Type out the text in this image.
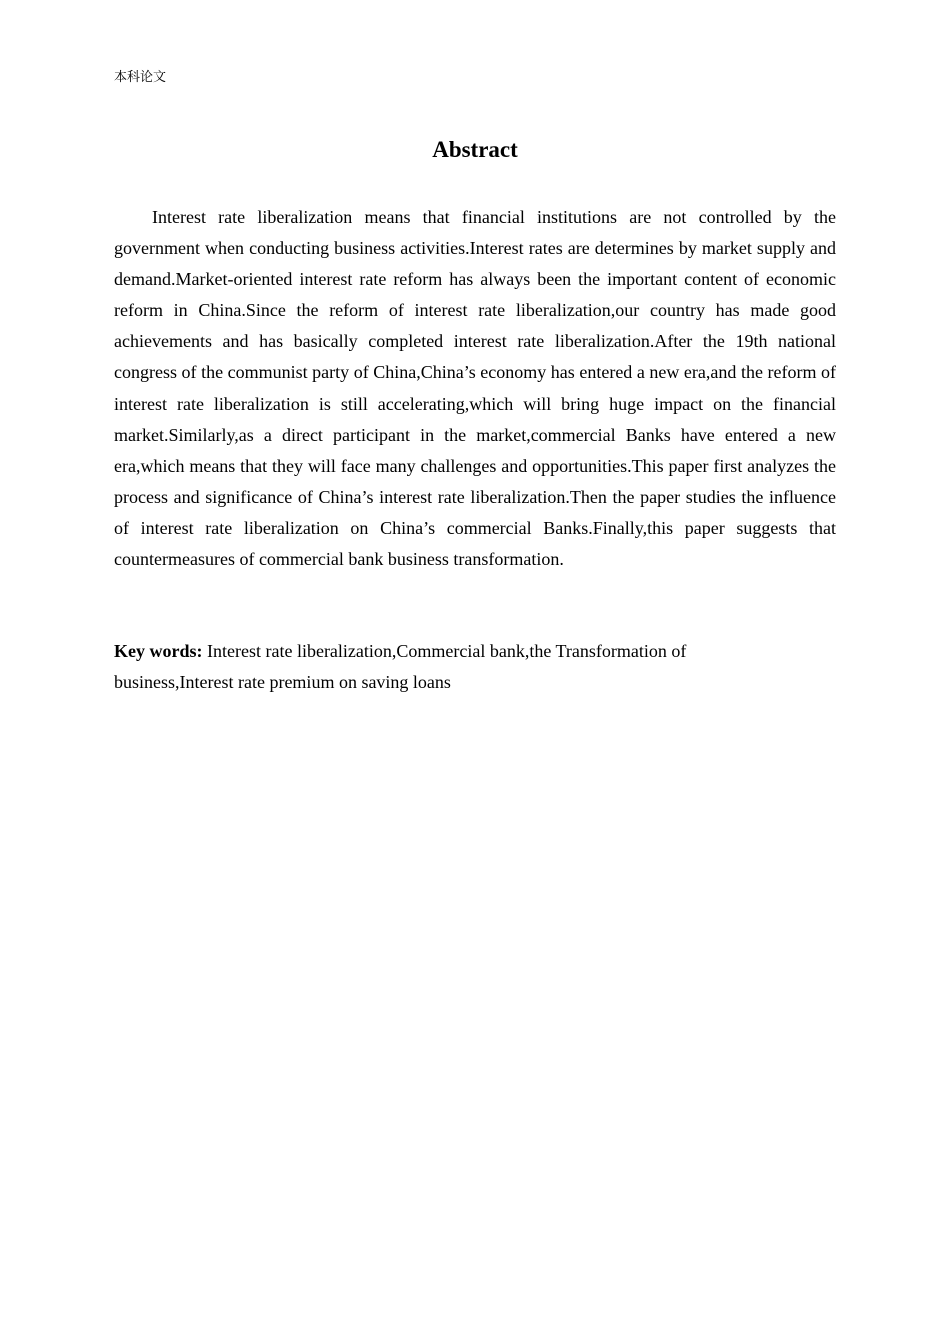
本科论文
Abstract

Interest rate liberalization means that financial institutions are not controlled by the government when conducting business activities.Interest rates are determines by market supply and demand.Market-oriented interest rate reform has always been the important content of economic reform in China.Since the reform of interest rate liberalization,our country has made good achievements and has basically completed interest rate liberalization.After the 19th national congress of the communist party of China,China’s economy has entered a new era,and the reform of interest rate liberalization is still accelerating,which will bring huge impact on the financial market.Similarly,as a direct participant in the market,commercial Banks have entered a new era,which means that they will face many challenges and opportunities.This paper first analyzes the process and significance of China’s interest rate liberalization.Then the paper studies the influence of interest rate liberalization on China’s commercial Banks.Finally,this paper suggests that countermeasures of commercial bank business transformation.

Key words: Interest rate liberalization,Commercial bank,the Transformation of business,Interest rate premium on saving loans
